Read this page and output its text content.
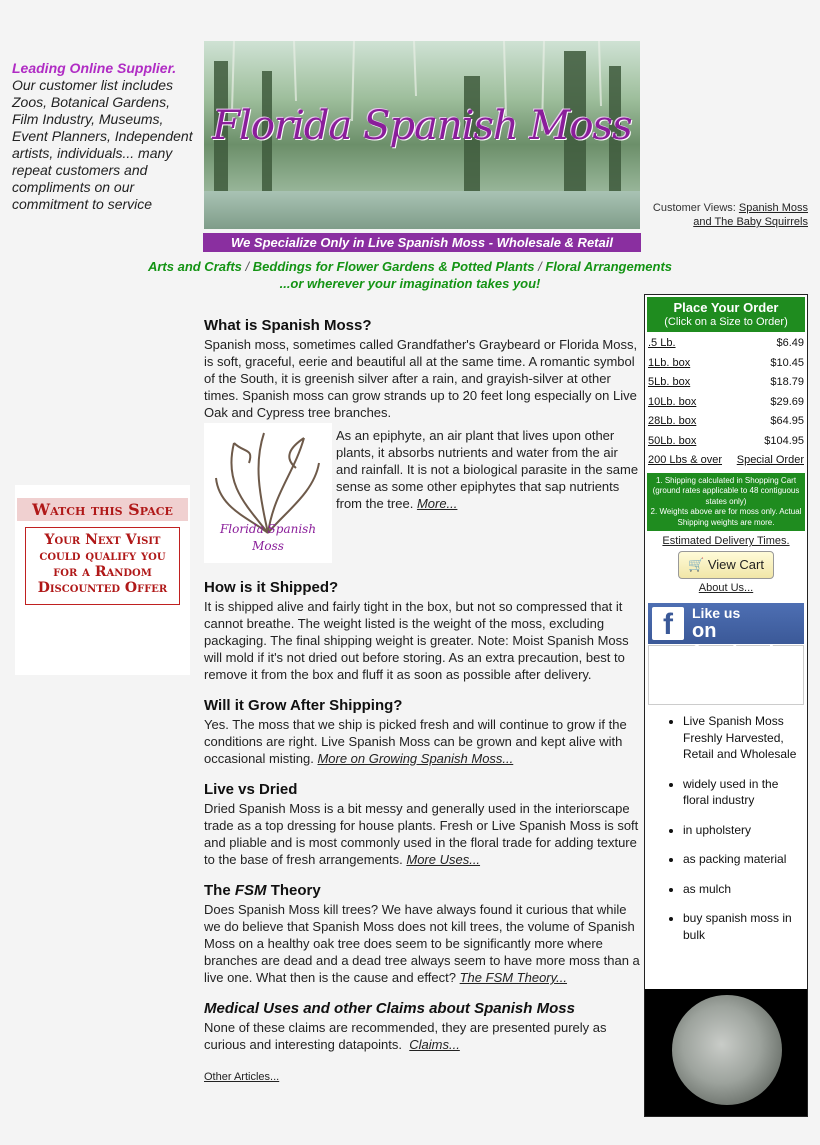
Leading Online Supplier.
Our customer list includes Zoos, Botanical Gardens, Film Industry, Museums, Event Planners, Independent artists, individuals... many repeat customers and compliments on our commitment to service
Florida Spanish Moss
We Specialize Only in Live Spanish Moss - Wholesale & Retail
Arts and Crafts / Beddings for Flower Gardens & Potted Plants / Floral Arrangements
...or wherever your imagination takes you!
Customer Views: Spanish Moss and The Baby Squirrels
Watch this Space
Your Next Visit could qualify you for a Random Discounted Offer
What is Spanish Moss?

Spanish moss, sometimes called Grandfather's Graybeard or Florida Moss, is soft, graceful, eerie and beautiful all at the same time. A romantic symbol of the South, it is greenish silver after a rain, and grayish-silver at other times. Spanish moss can grow strands up to 20 feet long especially on Live Oak and Cypress tree branches.

Florida Spanish Moss

As an epiphyte, an air plant that lives upon other plants, it absorbs nutrients and water from the air and rainfall. It is not a biological parasite in the same sense as some other epiphytes that sap nutrients from the tree. More...

How is it Shipped?

It is shipped alive and fairly tight in the box, but not so compressed that it cannot breathe. The weight listed is the weight of the moss, excluding packaging. The final shipping weight is greater. Note: Moist Spanish Moss will mold if it's not dried out before storing. As an extra precaution, best to remove it from the box and fluff it as soon as possible after delivery.

Will it Grow After Shipping?

Yes. The moss that we ship is picked fresh and will continue to grow if the conditions are right. Live Spanish Moss can be grown and kept alive with occasional misting. More on Growing Spanish Moss...

Live vs Dried

Dried Spanish Moss is a bit messy and generally used in the interiorscape trade as a top dressing for house plants. Fresh or Live Spanish Moss is soft and pliable and is most commonly used in the floral trade for adding texture to the base of fresh arrangements. More Uses...

The FSM Theory

Does Spanish Moss kill trees? We have always found it curious that while we do believe that Spanish Moss does not kill trees, the volume of Spanish Moss on a healthy oak tree does seem to be significantly more where branches are dead and a dead tree always seem to have more moss than a live one. What then is the cause and effect? The FSM Theory...

Medical Uses and other Claims about Spanish Moss

None of these claims are recommended, they are presented purely as curious and interesting datapoints. Claims...

Other Articles...
Place Your Order
(Click on a Size to Order)
.5 Lb.	$6.49
1Lb. box	$10.45
5Lb. box	$18.79
10Lb. box	$29.69
28Lb. box	$64.95
50Lb. box	$104.95
200 Lbs & over Special Order
1. Shipping calculated in Shopping Cart
(ground rates applicable to 48 contiguous states only)
2. Weights above are for moss only. Actual Shipping weights are more.
Estimated Delivery Times.
🛒 View Cart
About Us...
f	Like us
on facebook
• Live Spanish Moss Freshly Harvested, Retail and Wholesale
• widely used in the floral industry
• in upholstery
• as packing material
• as mulch
• buy spanish moss in bulk
